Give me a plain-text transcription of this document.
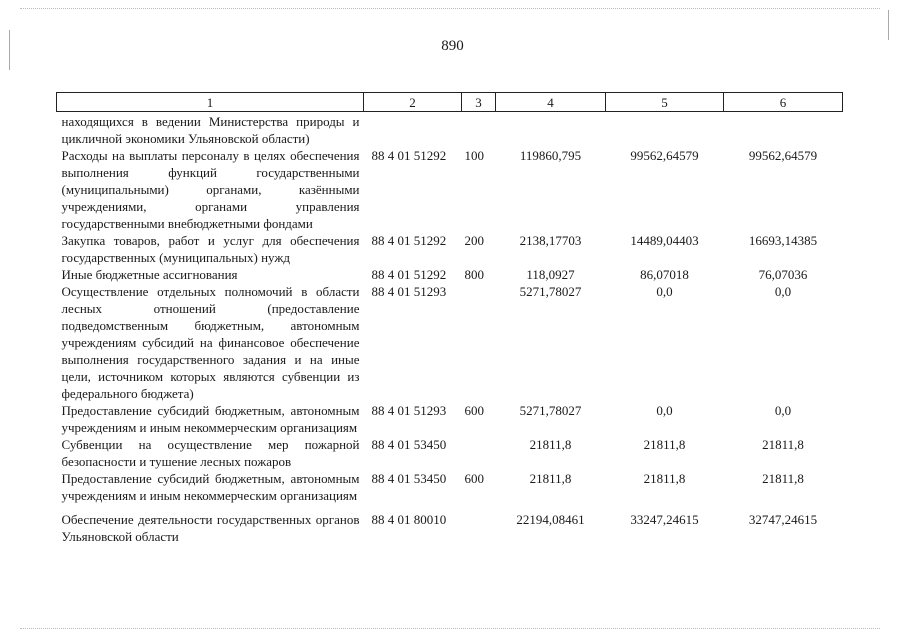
890
1	2	3	4	5	6
находящихся в ведении Министерства природы и цикличной экономики Ульяновской области)					
Расходы на выплаты персоналу в целях обеспечения выполнения функций государственными (муниципальными) органами, казёнными учреждениями, органами управления государственными внебюджетными фондами	88 4 01 51292	100	119860,795	99562,64579	99562,64579
Закупка товаров, работ и услуг для обеспечения государственных (муниципальных) нужд	88 4 01 51292	200	2138,17703	14489,04403	16693,14385
Иные бюджетные ассигнования	88 4 01 51292	800	118,0927	86,07018	76,07036
Осуществление отдельных полномочий в области лесных отношений (предоставление подведомственным бюджетным, автономным учреждениям субсидий на финансовое обеспечение выполнения государственного задания и на иные цели, источником которых являются субвенции из федерального бюджета)	88 4 01 51293		5271,78027	0,0	0,0
Предоставление субсидий бюджетным, автономным учреждениям и иным некоммерческим организациям	88 4 01 51293	600	5271,78027	0,0	0,0
Субвенции на осуществление мер пожарной безопасности и тушение лесных пожаров	88 4 01 53450		21811,8	21811,8	21811,8
Предоставление субсидий бюджетным, автономным учреждениям и иным некоммерческим организациям	88 4 01 53450	600	21811,8	21811,8	21811,8
Обеспечение деятельности государственных органов Ульяновской области	88 4 01 80010		22194,08461	33247,24615	32747,24615
